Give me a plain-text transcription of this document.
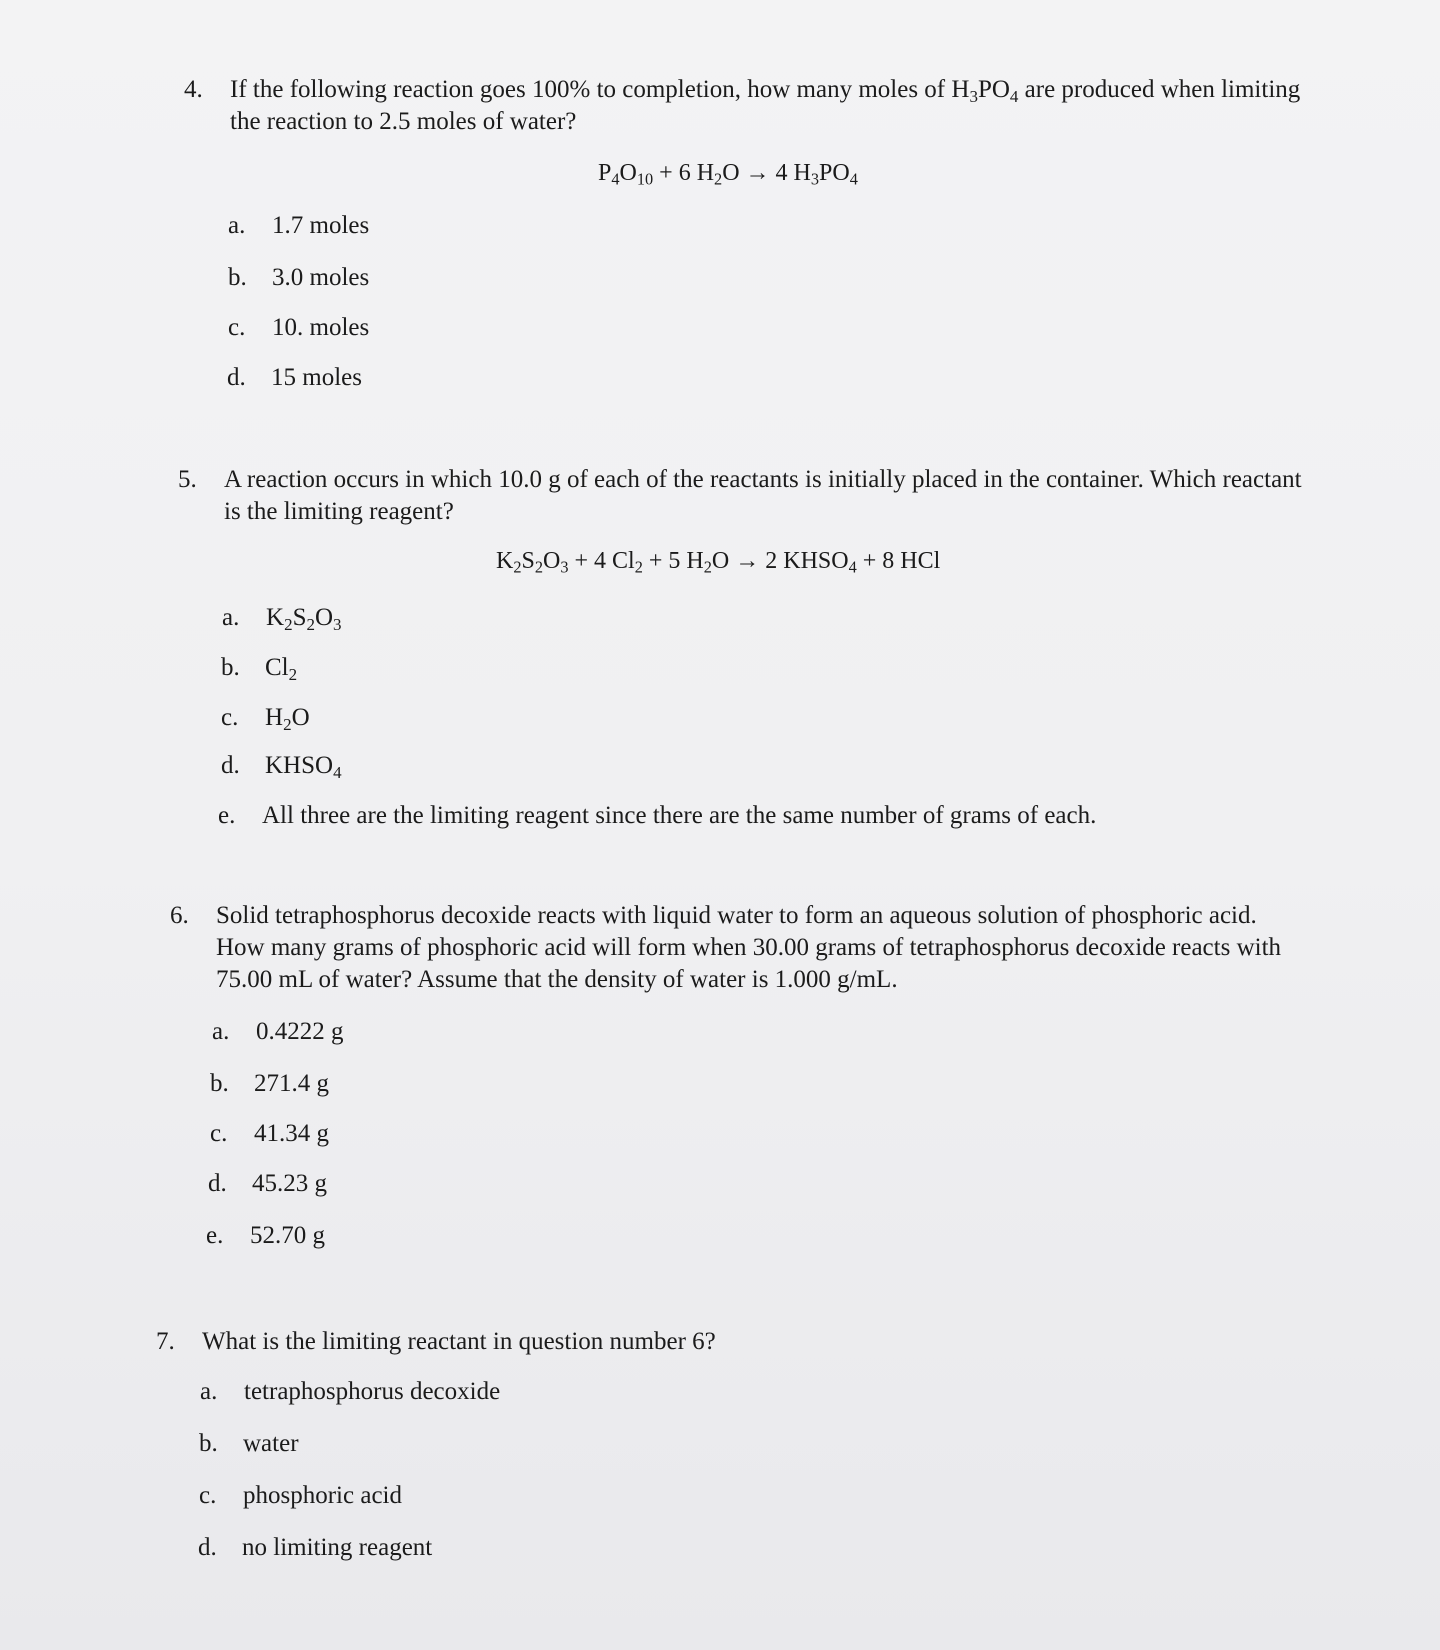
4.	If the following reaction goes 100% to completion, how many moles of $H_3PO_4$ are produced when limiting the reaction to 2.5 moles of water?
$P_4O_{10} + 6$ $H_2O \to 4$ $H_3PO_4$
a. 1.7 moles
b. 3.0 moles
c. 10. moles
d. 15 moles
5.	A reaction occurs in which 10.0 g of each of the reactants is initially placed in the container. Which reactant is the limiting reagent?
$K_2S_2O_3 + 4$ $Cl_2 + 5$ $H_2O \to 2$ $KHSO_4 + 8$ HCl
a. $K_2S_2O_3$
b. $Cl_2$
c. $H_2O$
d. $KHSO_4$
e. All three are the limiting reagent since there are the same number of grams of each.
6.	Solid tetraphosphorus decoxide reacts with liquid water to form an aqueous solution of phosphoric acid. How many grams of phosphoric acid will form when 30.00 grams of tetraphosphorus decoxide reacts with 75.00 mL of water? Assume that the density of water is 1.000 g/mL.
a. 0.4222 g
b. 271.4 g
c. 41.34 g
d. 45.23 g
e. 52.70 g
7.	What is the limiting reactant in question number 6?
a. tetraphosphorus decoxide
b. water
c. phosphoric acid
d. no limiting reagent
